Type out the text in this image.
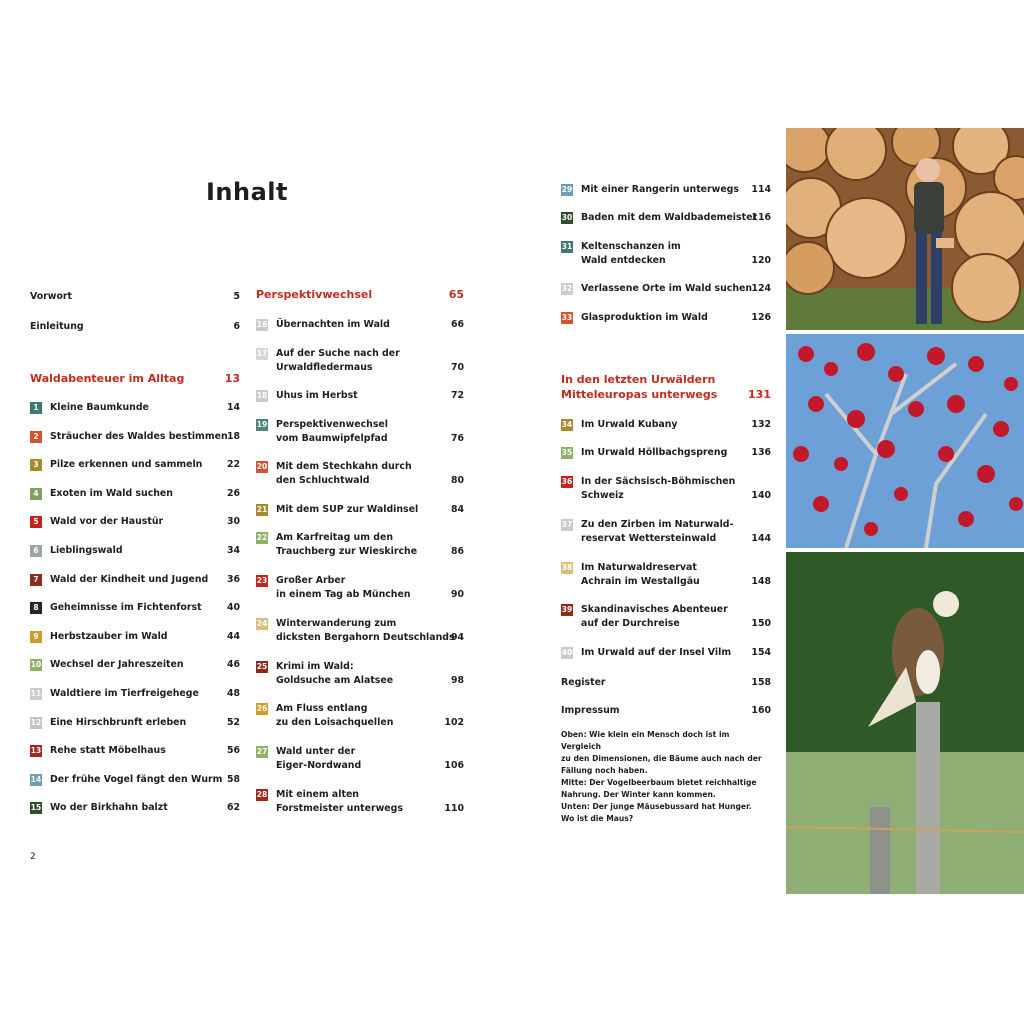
Inhalt
Vorwort	5
Einleitung	6
Waldabenteuer im Alltag	13
1	Kleine Baumkunde	14
2	Sträucher des Waldes bestimmen 18
3	Pilze erkennen und sammeln	22
4	Exoten im Wald suchen	26
5	Wald vor der Haustür	30
6	Lieblingswald	34
7	Wald der Kindheit und Jugend 36
8	Geheimnisse im Fichtenforst	40
9	Herbstzauber im Wald	44
10 Wechsel der Jahreszeiten	46
11 Waldtiere im Tierfreigehege	48
12 Eine Hirschbrunft erleben	52
13 Rehe statt Möbelhaus	56
14 Der frühe Vogel fängt den Wurm 58
15 Wo der Birkhahn balzt	62
Perspektivwechsel	65
16 Übernachten im Wald	66
17 Auf der Suche nach der
Urwaldfledermaus	70
18 Uhus im Herbst	72
19 Perspektivenwechsel
vom Baumwipfelpfad	76
20 Mit dem Stechkahn durch
den Schluchtwald	80
21 Mit dem SUP zur Waldinsel	84
22 Am Karfreitag um den
Trauchberg zur Wieskirche	86
23 Großer Arber
in einem Tag ab München	90
24 Winterwanderung zum
dicksten Bergahorn Deutschlands
94
25 Krimi im Wald:
Goldsuche am Alatsee	98
26 Am Fluss entlang
zu den Loisachquellen	102
27 Wald unter der
Eiger-Nordwand	106
28 Mit einem alten
Forstmeister unterwegs	110
29 Mit einer Rangerin unterwegs 114
30 Baden mit dem Waldbademeister
116
31 Keltenschanzen im
Wald entdecken	120
32 Verlassene Orte im Wald suchen 124
33 Glasproduktion im Wald	126
In den letzten Urwäldern
Mitteleuropas unterwegs	131
34 Im Urwald Kubany	132
35 Im Urwald Höllbachgspreng	136
36 In der Sächsisch-Böhmischen
Schweiz	140
37 Zu den Zirben im Naturwald-
reservat Wettersteinwald	144
38 Im Naturwaldreservat
Achrain im Westallgäu	148
39 Skandinavisches Abenteuer
auf der Durchreise	150
40 Im Urwald auf der Insel Vilm 154
Register	158
Impressum	160
Oben: Wie klein ein Mensch doch ist im Vergleich
zu den Dimensionen, die Bäume auch nach der
Fällung noch haben.
Mitte: Der Vogelbeerbaum bietet reichhaltige
Nahrung. Der Winter kann kommen.
Unten: Der junge Mäusebussard hat Hunger.
Wo ist die Maus?
2
